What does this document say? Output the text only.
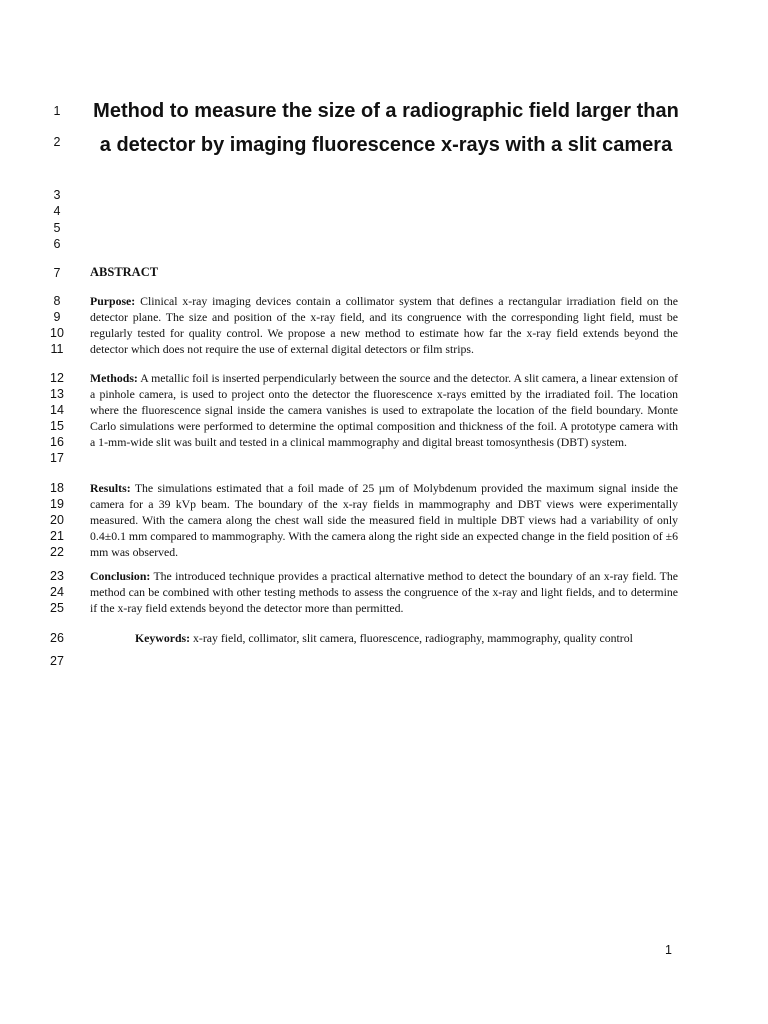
1
2
3
4
5
6
7
8
9
10
11
12
13
14
15
16
17
18
19
20
21
22
23
24
25
26
27
Method to measure the size of a radiographic field larger than
a detector by imaging fluorescence x-rays with a slit camera
ABSTRACT
Purpose: Clinical x-ray imaging devices contain a collimator system that defines a rectangular irradiation field on the detector plane. The size and position of the x-ray field, and its congruence with the corresponding light field, must be regularly tested for quality control. We propose a new method to estimate how far the x-ray field extends beyond the detector which does not require the use of external digital detectors or film strips.
Methods: A metallic foil is inserted perpendicularly between the source and the detector. A slit camera, a linear extension of a pinhole camera, is used to project onto the detector the fluorescence x-rays emitted by the irradiated foil. The location where the fluorescence signal inside the camera vanishes is used to extrapolate the location of the field boundary. Monte Carlo simulations were performed to determine the optimal composition and thickness of the foil. A prototype camera with a 1-mm-wide slit was built and tested in a clinical mammography and digital breast tomosynthesis (DBT) system.
Results: The simulations estimated that a foil made of 25 µm of Molybdenum provided the maximum signal inside the camera for a 39 kVp beam. The boundary of the x-ray fields in mammography and DBT views were experimentally measured. With the camera along the chest wall side the measured field in multiple DBT views had a variability of only 0.4±0.1 mm compared to mammography. With the camera along the right side an expected change in the field position of ±6 mm was observed.
Conclusion: The introduced technique provides a practical alternative method to detect the boundary of an x-ray field. The method can be combined with other testing methods to assess the congruence of the x-ray and light fields, and to determine if the x-ray field extends beyond the detector more than permitted.
Keywords: x-ray field, collimator, slit camera, fluorescence, radiography, mammography, quality control
1
